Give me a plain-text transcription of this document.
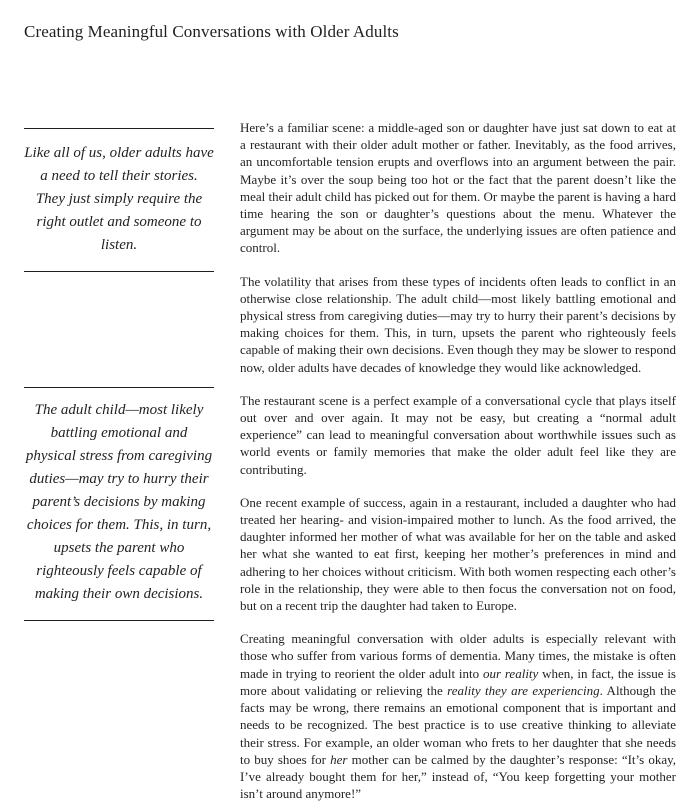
Creating Meaningful Conversations with Older Adults
Like all of us, older adults have a need to tell their stories. They just simply require the right outlet and someone to listen.
The adult child—most likely battling emotional and physical stress from caregiving duties—may try to hurry their parent’s decisions by making choices for them. This, in turn, upsets the parent who righteously feels capable of making their own decisions.

Here’s a familiar scene: a middle-aged son or daughter have just sat down to eat at a restaurant with their older adult mother or father. Inevitably, as the food arrives, an uncomfortable tension erupts and overflows into an argument between the pair. Maybe it’s over the soup being too hot or the fact that the parent doesn’t like the meal their adult child has picked out for them. Or maybe the parent is having a hard time hearing the son or daughter’s questions about the menu. Whatever the argument may be about on the surface, the underlying issues are often patience and control.

The volatility that arises from these types of incidents often leads to conflict in an otherwise close relationship. The adult child—most likely battling emotional and physical stress from caregiving duties—may try to hurry their parent’s decisions by making choices for them. This, in turn, upsets the parent who righteously feels capable of making their own decisions. Even though they may be slower to respond now, older adults have decades of knowledge they would like acknowledged.

The restaurant scene is a perfect example of a conversational cycle that plays itself out over and over again. It may not be easy, but creating a “normal adult experience” can lead to meaningful conversation about worthwhile issues such as world events or family memories that make the older adult feel like they are contributing.

One recent example of success, again in a restaurant, included a daughter who had treated her hearing- and vision-impaired mother to lunch. As the food arrived, the daughter informed her mother of what was available for her on the table and asked her what she wanted to eat first, keeping her mother’s preferences in mind and adhering to her choices without criticism. With both women respecting each other’s role in the relationship, they were able to then focus the conversation not on food, but on a recent trip the daughter had taken to Europe.

Creating meaningful conversation with older adults is especially relevant with those who suffer from various forms of dementia. Many times, the mistake is often made in trying to reorient the older adult into our reality when, in fact, the issue is more about validating or relieving the reality they are experiencing. Although the facts may be wrong, there remains an emotional component that is important and needs to be recognized. The best practice is to use creative thinking to alleviate their stress. For example, an older woman who frets to her daughter that she needs to buy shoes for her mother can be calmed by the daughter’s response: “It’s okay, I’ve already bought them for her,” instead of, “You keep forgetting your mother isn’t around anymore!”
